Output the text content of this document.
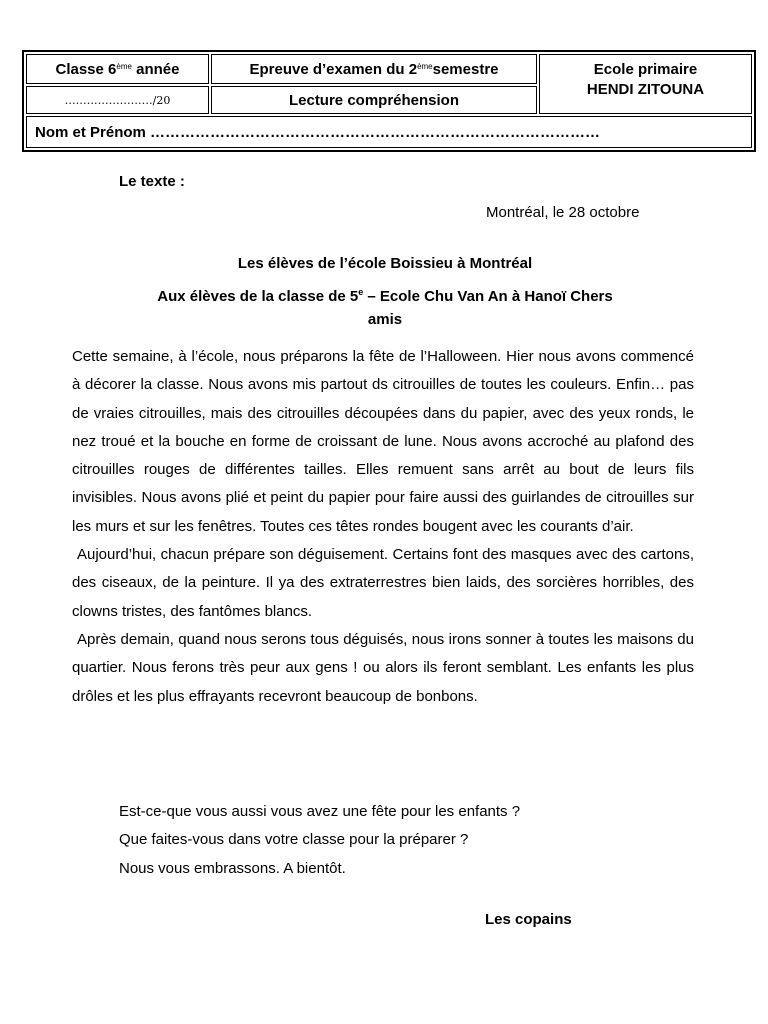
Classe 6ème année	Epreuve d’examen du 2ème semestre	Ecole primaire
HENDI ZITOUNA
……………………/20	Lecture compréhension
Nom et Prénom ………………………………………………………………………………
Le texte :
Montréal, le 28 octobre
Les élèves de l’école Boissieu à Montréal
Aux élèves de la classe de 5e – Ecole Chu Van An à Hanoï Chers
amis

Cette semaine, à l’école, nous préparons la fête de l’Halloween. Hier nous avons commencé à décorer la classe. Nous avons mis partout ds citrouilles de toutes les couleurs. Enfin… pas de vraies citrouilles, mais des citrouilles découpées dans du papier, avec des yeux ronds, le nez troué et la bouche en forme de croissant de lune. Nous avons accroché au plafond des citrouilles rouges de différentes tailles. Elles remuent sans arrêt au bout de leurs fils invisibles. Nous avons plié et peint du papier pour faire aussi des guirlandes de citrouilles sur les murs et sur les fenêtres. Toutes ces têtes rondes bougent avec les courants d’air.

Aujourd’hui, chacun prépare son déguisement. Certains font des masques avec des cartons, des ciseaux, de la peinture. Il ya des extraterrestres bien laids, des sorcières horribles, des clowns tristes, des fantômes blancs.

Après demain, quand nous serons tous déguisés, nous irons sonner à toutes les maisons du quartier. Nous ferons très peur aux gens ! ou alors ils feront semblant. Les enfants les plus drôles et les plus effrayants recevront beaucoup de bonbons.

Est-ce-que vous aussi vous avez une fête pour les enfants ?
Que faites-vous dans votre classe pour la préparer ?
Nous vous embrassons. A bientôt.
Les copains
